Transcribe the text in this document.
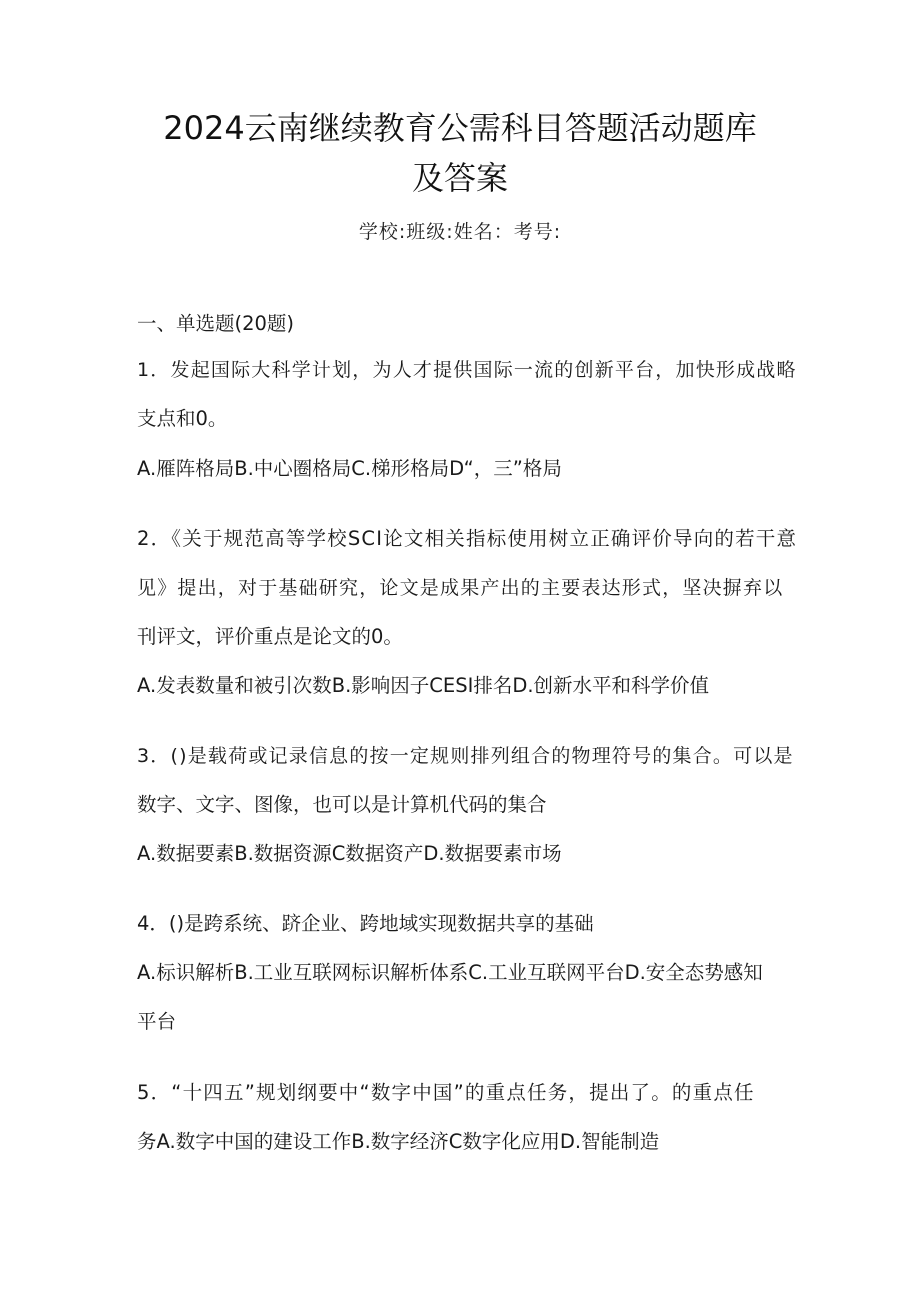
2024云南继续教育公需科目答题活动题库
及答案
学校:班级:姓名：考号:
一、单选题(20题)
1．发起国际大科学计划，为人才提供国际一流的创新平台，加快形成战略
支点和0。
A.雁阵格局B.中心圈格局C.梯形格局D“，三”格局
2．《关于规范高等学校SCI论文相关指标使用树立正确评价导向的若干意
见》提出，对于基础研究，论文是成果产出的主要表达形式，坚决摒弃以
刊评文，评价重点是论文的0。
A.发表数量和被引次数B.影响因子CESI排名D.创新水平和科学价值
3．()是载荷或记录信息的按一定规则排列组合的物理符号的集合。可以是
数字、文字、图像，也可以是计算机代码的集合
A.数据要素B.数据资源C数据资产D.数据要素市场
4．()是跨系统、跻企业、跨地域实现数据共享的基础
A.标识解析B.工业互联网标识解析体系C.工业互联网平台D.安全态势感知
平台
5．“十四五”规划纲要中“数字中国”的重点任务，提出了。的重点任
务A.数字中国的建设工作B.数字经济C数字化应用D.智能制造
